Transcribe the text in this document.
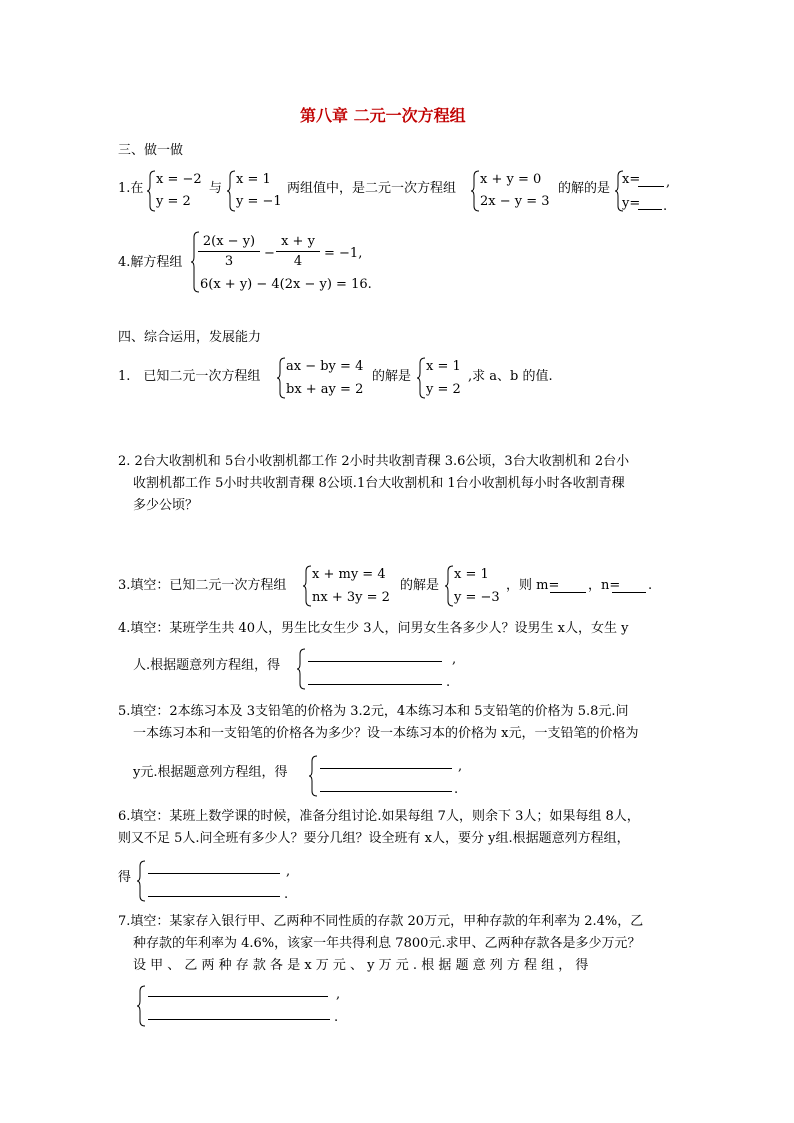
第八章 二元一次方程组
三、做一做
1.在
x = −2
y = 2
与
x = 1
y = −1
两组值中，是二元一次方程组
x + y = 0
2x − y = 3
的解的是
x= ,
y= .
4.解方程组
2(x − y)
3
−
x + y
4
= −1,
6(x + y) − 4(2x − y) = 16.
四、综合运用，发展能力
1.　已知二元一次方程组
ax − by = 4
bx + ay = 2
的解是
x = 1
y = 2
,求 a、b 的值.
2. 2台大收割机和 5台小收割机都工作 2小时共收割青稞 3.6公顷，3台大收割机和 2台小
收割机都工作 5小时共收割青稞 8公顷.1台大收割机和 1台小收割机每小时各收割青稞
多少公顷？
3.填空：已知二元一次方程组
x + my = 4
nx + 3y = 2
的解是
x = 1
y = −3
，则 m= ，n= .
4.填空：某班学生共 40人，男生比女生少 3人，问男女生各多少人？设男生 x人，女生 y
人.根据题意列方程组，得	,
.
5.填空：2本练习本及 3支铅笔的价格为 3.2元，4本练习本和 5支铅笔的价格为 5.8元.问
一本练习本和一支铅笔的价格各为多少？设一本练习本的价格为 x元，一支铅笔的价格为
y元.根据题意列方程组，得	,
.
6.填空：某班上数学课的时候，准备分组讨论.如果每组 7人，则余下 3人；如果每组 8人，
则又不足 5人.问全班有多少人？要分几组？设全班有 x人，要分 y组.根据题意列方程组，
得	,
.
7.填空：某家存入银行甲、乙两种不同性质的存款 20万元，甲种存款的年利率为 2.4%，乙
种存款的年利率为 4.6%，该家一年共得利息 7800元.求甲、乙两种存款各是多少万元？
设 甲 、 乙 两 种 存 款 各 是 x 万 元 、 y 万 元 . 根 据 题 意 列 方 程 组 ， 得
,
.
